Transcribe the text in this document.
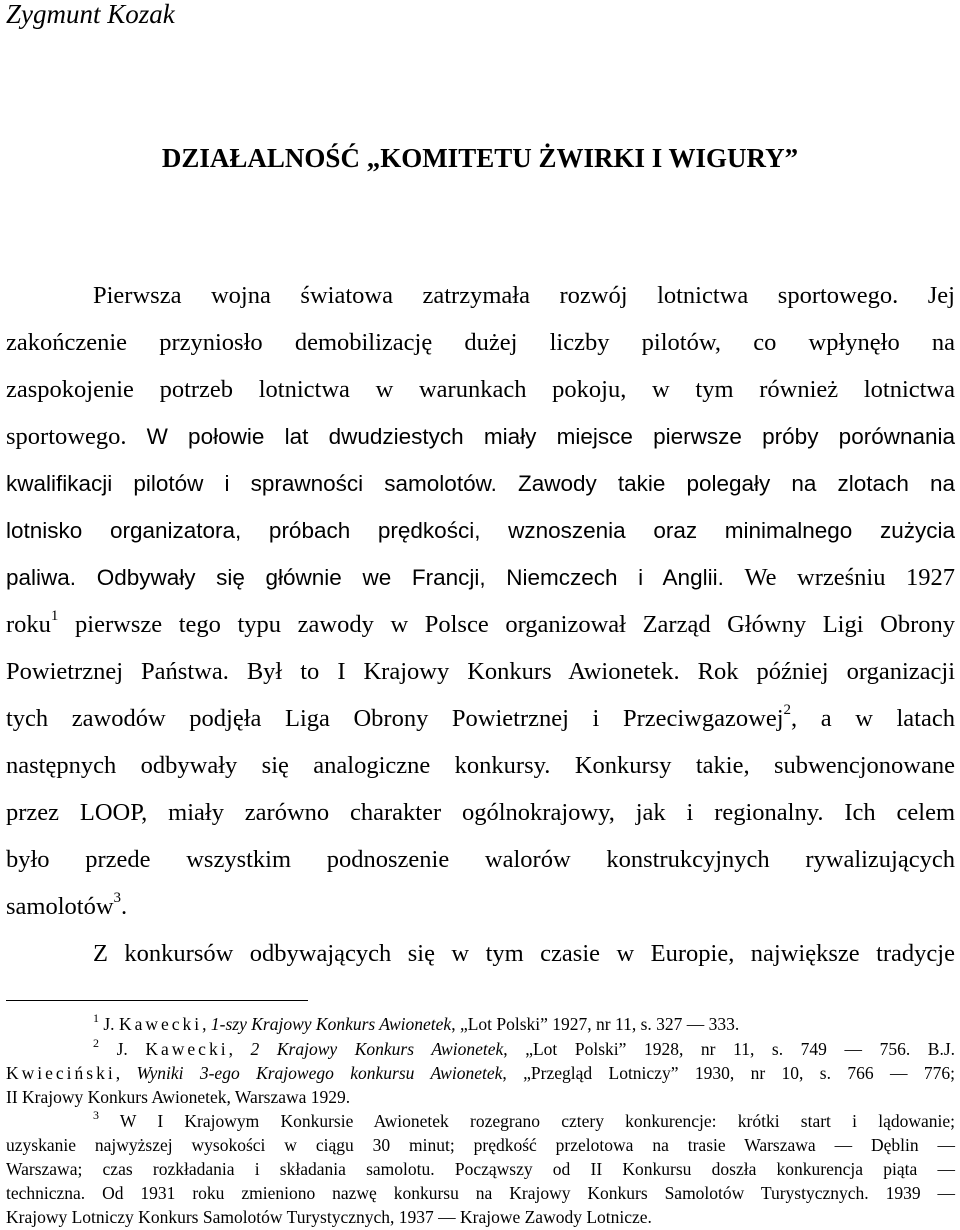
Zygmunt Kozak
DZIAŁALNOŚĆ „KOMITETU ŻWIRKI I WIGURY”
Pierwsza wojna światowa zatrzymała rozwój lotnictwa sportowego. Jej
zakończenie przyniosło demobilizację dużej liczby pilotów, co wpłynęło na
zaspokojenie potrzeb lotnictwa w warunkach pokoju, w tym również lotnictwa
sportowego. W połowie lat dwudziestych miały miejsce pierwsze próby porównania
kwalifikacji pilotów i sprawności samolotów. Zawody takie polegały na zlotach na
lotnisko organizatora, próbach prędkości, wznoszenia oraz minimalnego zużycia
paliwa. Odbywały się głównie we Francji, Niemczech i Anglii. We wrześniu 1927
roku$^1$ pierwsze tego typu zawody w Polsce organizował Zarząd Główny Ligi Obrony
Powietrznej Państwa. Był to I Krajowy Konkurs Awionetek. Rok później organizacji
tych zawodów podjęła Liga Obrony Powietrznej i Przeciwgazowej$^2$, a w latach
następnych odbywały się analogiczne konkursy. Konkursy takie, subwencjonowane
przez LOOP, miały zarówno charakter ogólnokrajowy, jak i regionalny. Ich celem
było przede wszystkim podnoszenie walorów konstrukcyjnych rywalizujących
samolotów$^3$.
Z konkursów odbywających się w tym czasie w Europie, największe tradycje
$^1$ J. Kawecki, 1-szy Krajowy Konkurs Awionetek, „Lot Polski” 1927, nr 11, s. 327 — 333.
$^2$ J. Kawecki, 2 Krajowy Konkurs Awionetek, „Lot Polski” 1928, nr 11, s. 749 — 756. B.J.
Kwieciński, Wyniki 3-ego Krajowego konkursu Awionetek, „Przegląd Lotniczy” 1930, nr 10, s. 766 — 776;
II Krajowy Konkurs Awionetek, Warszawa 1929.
$^3$ W I Krajowym Konkursie Awionetek rozegrano cztery konkurencje: krótki start i lądowanie;
uzyskanie najwyższej wysokości w ciągu 30 minut; prędkość przelotowa na trasie Warszawa — Dęblin —
Warszawa; czas rozkładania i składania samolotu. Począwszy od II Konkursu doszła konkurencja piąta —
techniczna. Od 1931 roku zmieniono nazwę konkursu na Krajowy Konkurs Samolotów Turystycznych. 1939 —
Krajowy Lotniczy Konkurs Samolotów Turystycznych, 1937 — Krajowe Zawody Lotnicze.
